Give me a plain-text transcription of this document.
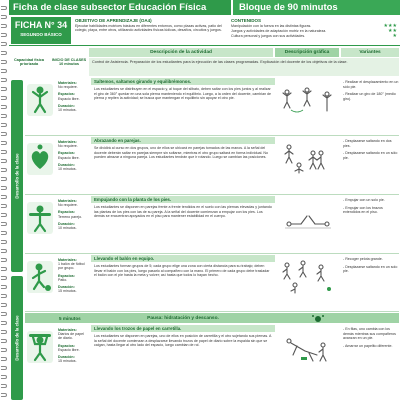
Ficha de clase subsector Educación Física	Bloque de 90 minutos
FICHA N° 34
SEGUNDO BÁSICO
OBJETIVO DE APRENDIZAJE (OA4)
Ejecutar habilidades motrices básicas en diferentes entornos, como plazas activas, patio del colegio, playa, entre otros, utilizando actividades físicas lúdicas, desafíos, circuitos y juegos.
CONTENIDOS
Manipulación con la fuerza en las distintas figuras.	★★★
Juegos y actividades de adaptación motriz en la naturaleza.	★★
Cultura personal y juegos con sus actividades.	★
Descripción de la actividad	Descripción gráfica	Variantes
Capacidad física priorizada
Desarrollo de la clase
Desarrollo de la clase
INICIO DE CLASES
10 minutos
Control de Asistencia. Preparación de los estudiantes para la ejecución de las clases programadas. Explicación del docente de los objetivos de la clase.
Materiales:
No requiere.
Espacios:
Espacio libre.
Duración:
10 minutos.
Saltemos, saltamos girando y equilibrémonos.
Los estudiantes se distribuyen en el espacio y, al toque del silbato, deben saltar con los pies juntos y al realizar el giro de 360° quedar en una sola pierna manteniendo el equilibrio. Luego, a la orden del docente, cambian de pierna y repiten la actividad; se busca que mantengan el equilibrio sin apoyar el otro pie.
- Realizar el desplazamiento en un sólo pie.
- Realizar un giro de 180° (medio giro).
Materiales:
No requiere.
Espacios:
Espacio libre.
Duración:
10 minutos.
Abrazando en parejas.
Se dividirá al curso en dos grupos, uno de ellos se ubicará en parejas tomados de las manos. A la señal del docente deberán saltar en parejas siempre sin soltarse, mientras el otro grupo saltará en forma individual. No pueden abrazar a ninguna pareja. Los estudiantes tendrán que ir rotando. Luego se cambian las posiciones.
- Desplazarse saltando en dos pies.
- Desplazarse saltando en un sólo pie.
Materiales:
No requiere.
Espacios:
Terreno parejo.
Duración:
10 minutos.
Empujando con la planta de los pies.
Los estudiantes se disponen en parejas frente a frente tendidos en el suelo con las piernas elevadas y juntando las plantas de los pies con las de su pareja. A la señal del docente comienzan a empujar con los pies. Los demás se encuentran apoyados en el piso para mantener estabilidad en el cuerpo.
- Empujar con un solo pie.
- Empujar con los brazos extendidos en el piso.
Materiales:
1 balón de fútbol por grupo.
Espacios:
Patio.
Duración:
15 minutos.
Llevando el balón en equipo.
Los estudiantes forman grupos de 5; cada grupo elige una zona con cierta distancia para su trabajo; deben llevar el balón con los pies, luego pasarlo al compañero con la mano. El primero de cada grupo debe trasladar el balón con el pie hasta la meta y volver; así hasta que todos lo hayan hecho.
- Recoger pelota grande.
- Desplazarse saltando en un solo pie.
5 minutos	Pausa: hidratación y descanso.
Materiales:
Diarios de papel de diario.
Espacios:
Espacio libre.
Duración:
15 minutos.
Llevando los trozos de papel en carretilla.
Los estudiantes se disponen en parejas, uno de ellos en posición de carretilla y el otro sujetando sus piernas. A la señal del docente comienzan a desplazarse llevando trozos de papel de diario sobre la espalda sin que se caigan, hasta llegar al otro lado del espacio, luego cambian de rol.
- En filas, uno cambia con los demás mientras sus compañeros avanzan en un pie.
- Amarrar un papelito diferente.
